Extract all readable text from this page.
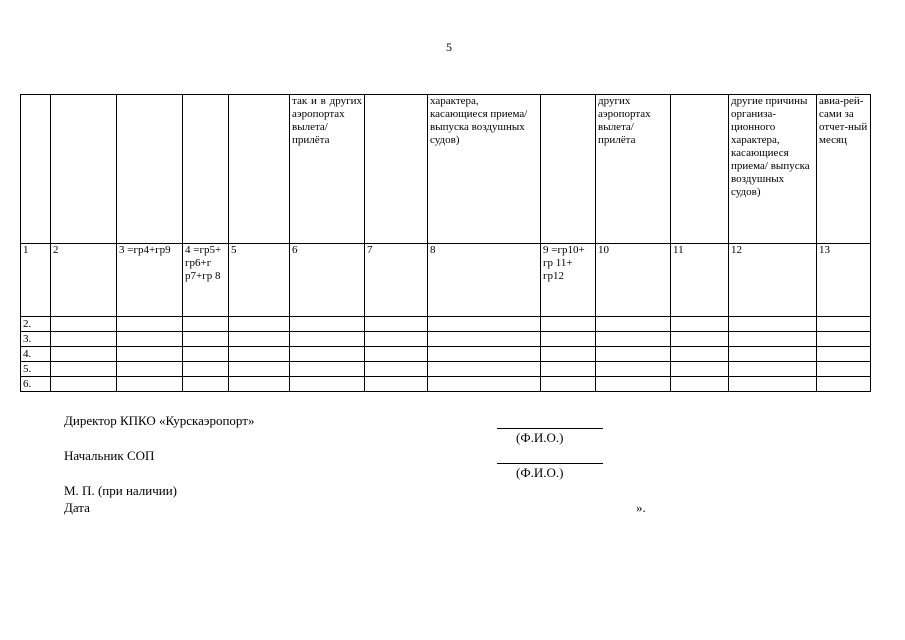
5
					так и в других аэропортах вылета/ прилёта		характера, касающиеся приема/выпуска воздушных судов)		других аэропортах вылета/ прилёта		другие причины организа-ционного характера, касающиеся приема/ выпуска воздушных судов)	авиа-рей-сами за отчет-ный месяц
1	2	3 =гр4+гр9	4 =гр5+ гр6+г р7+гр 8	5	6	7	8	9 =гр10+ гр 11+ гр12	10	11	12	13
2.												
3.												
4.												
5.												
6.												
Директор КПКО «Курскаэропорт»
(Ф.И.О.)
Начальник СОП
(Ф.И.О.)
М. П. (при наличии)
Дата	».
